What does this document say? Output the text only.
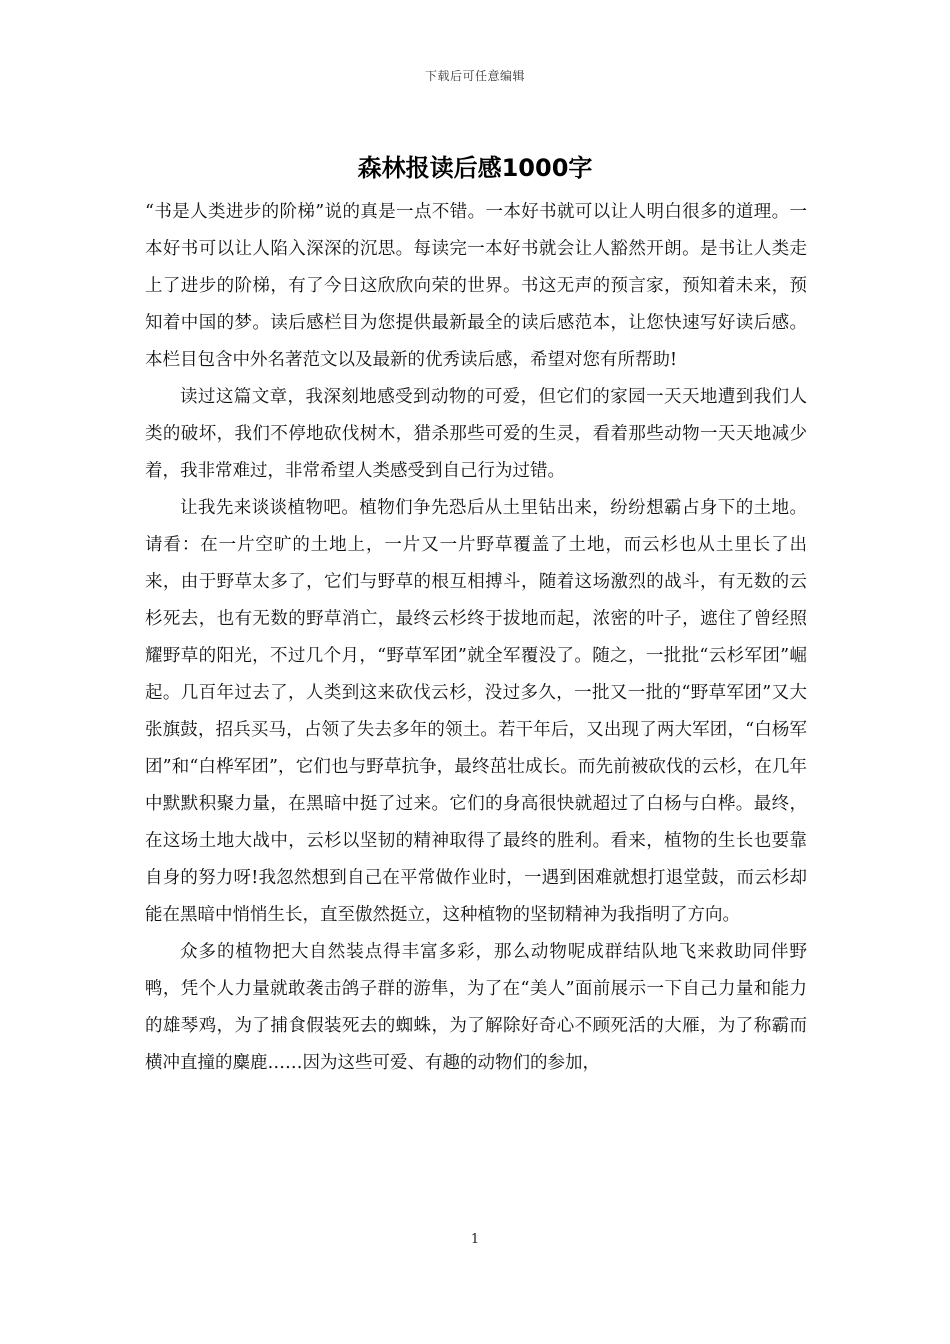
下载后可任意编辑
森林报读后感1000字

“书是人类进步的阶梯”说的真是一点不错。一本好书就可以让人明白很多的道理。一本好书可以让人陷入深深的沉思。每读完一本好书就会让人豁然开朗。是书让人类走上了进步的阶梯，有了今日这欣欣向荣的世界。书这无声的预言家，预知着未来，预知着中国的梦。读后感栏目为您提供最新最全的读后感范本，让您快速写好读后感。本栏目包含中外名著范文以及最新的优秀读后感，希望对您有所帮助!

读过这篇文章，我深刻地感受到动物的可爱，但它们的家园一天天地遭到我们人类的破坏，我们不停地砍伐树木，猎杀那些可爱的生灵，看着那些动物一天天地减少着，我非常难过，非常希望人类感受到自己行为过错。

让我先来谈谈植物吧。植物们争先恐后从土里钻出来，纷纷想霸占身下的土地。请看：在一片空旷的土地上，一片又一片野草覆盖了土地，而云杉也从土里长了出来，由于野草太多了，它们与野草的根互相搏斗，随着这场激烈的战斗，有无数的云杉死去，也有无数的野草消亡，最终云杉终于拔地而起，浓密的叶子，遮住了曾经照耀野草的阳光，不过几个月，“野草军团”就全军覆没了。随之，一批批“云杉军团”崛起。几百年过去了，人类到这来砍伐云杉，没过多久，一批又一批的“野草军团”又大张旗鼓，招兵买马，占领了失去多年的领土。若干年后，又出现了两大军团，“白杨军团”和“白桦军团”，它们也与野草抗争，最终茁壮成长。而先前被砍伐的云杉，在几年中默默积聚力量，在黑暗中挺了过来。它们的身高很快就超过了白杨与白桦。最终，在这场土地大战中，云杉以坚韧的精神取得了最终的胜利。看来，植物的生长也要靠自身的努力呀!我忽然想到自己在平常做作业时，一遇到困难就想打退堂鼓，而云杉却能在黑暗中悄悄生长，直至傲然挺立，这种植物的坚韧精神为我指明了方向。

众多的植物把大自然装点得丰富多彩，那么动物呢成群结队地飞来救助同伴野鸭，凭个人力量就敢袭击鸽子群的游隼，为了在“美人”面前展示一下自己力量和能力的雄琴鸡，为了捕食假装死去的蜘蛛，为了解除好奇心不顾死活的大雁，为了称霸而横冲直撞的麋鹿……因为这些可爱、有趣的动物们的参加，

1
